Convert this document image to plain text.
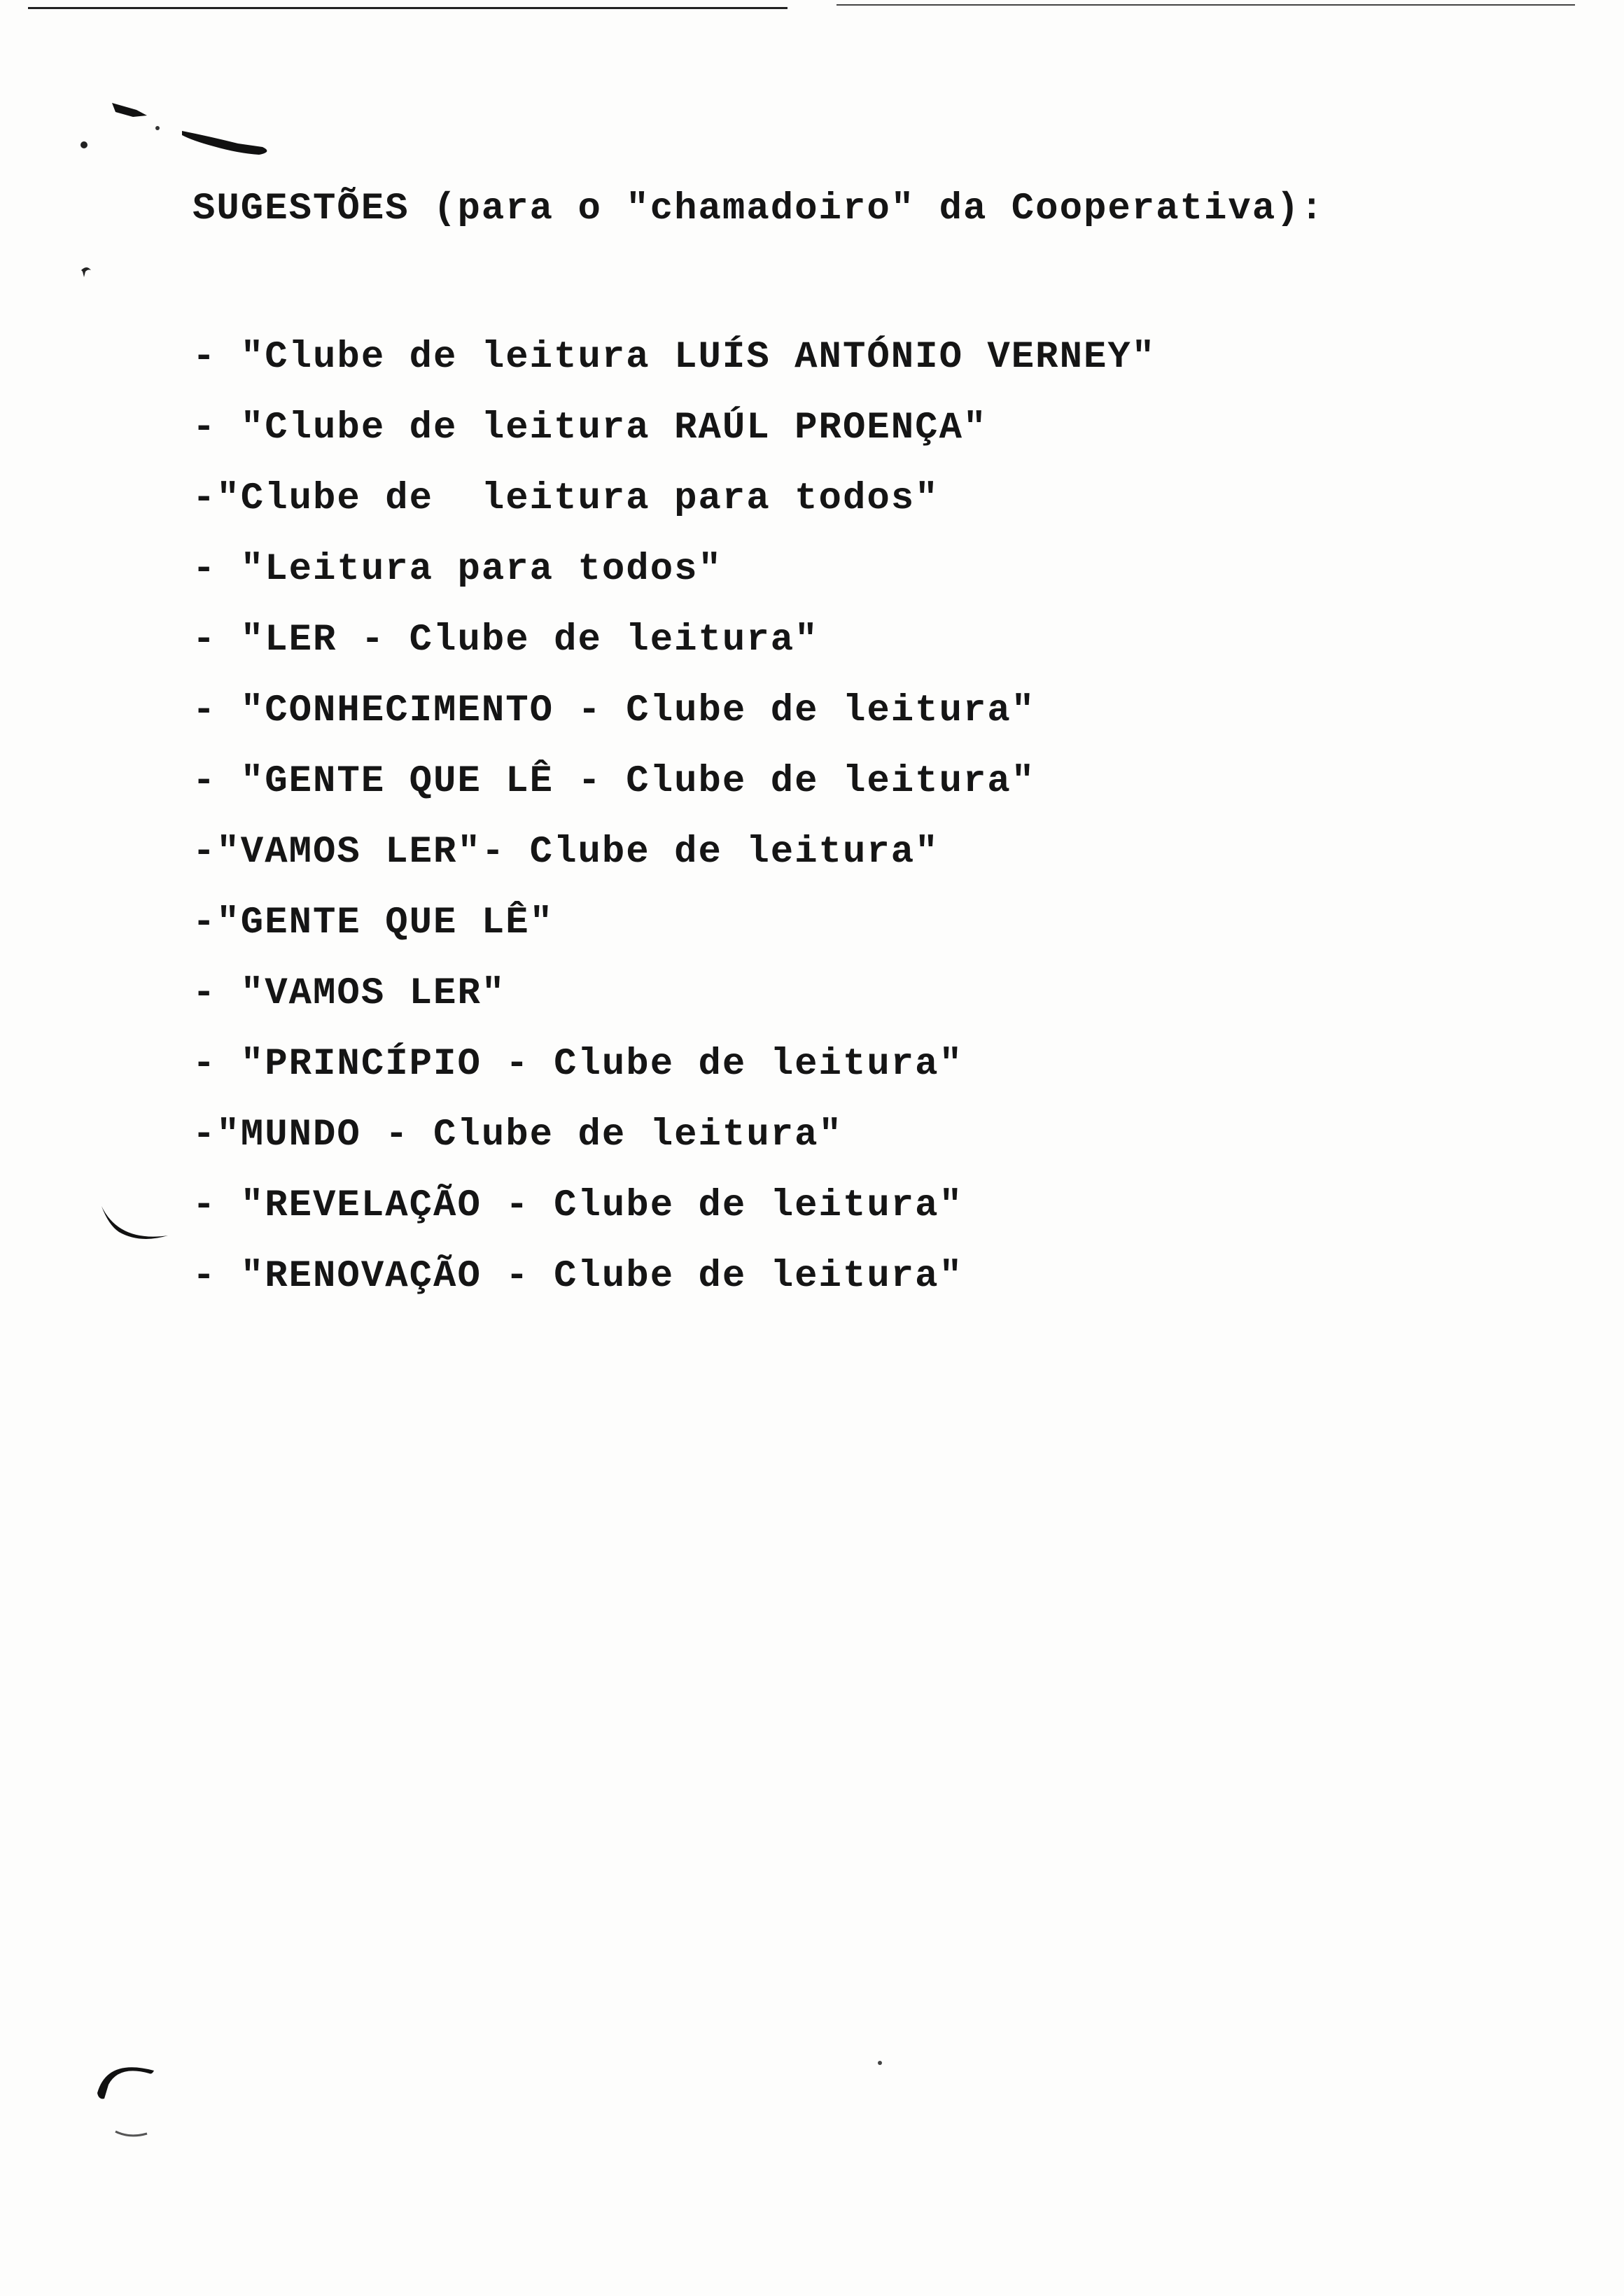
SUGESTÕES (para o "chamadoiro" da Cooperativa):
- "Clube de leitura LUÍS ANTÓNIO VERNEY"
- "Clube de leitura RAÚL PROENÇA"
-"Clube de  leitura para todos"
- "Leitura para todos"
- "LER - Clube de leitura"
- "CONHECIMENTO - Clube de leitura"
- "GENTE QUE LÊ - Clube de leitura"
-"VAMOS LER"- Clube de leitura"
-"GENTE QUE LÊ"
- "VAMOS LER"
- "PRINCÍPIO - Clube de leitura"
-"MUNDO - Clube de leitura"
- "REVELAÇÃO - Clube de leitura"
- "RENOVAÇÃO - Clube de leitura"
